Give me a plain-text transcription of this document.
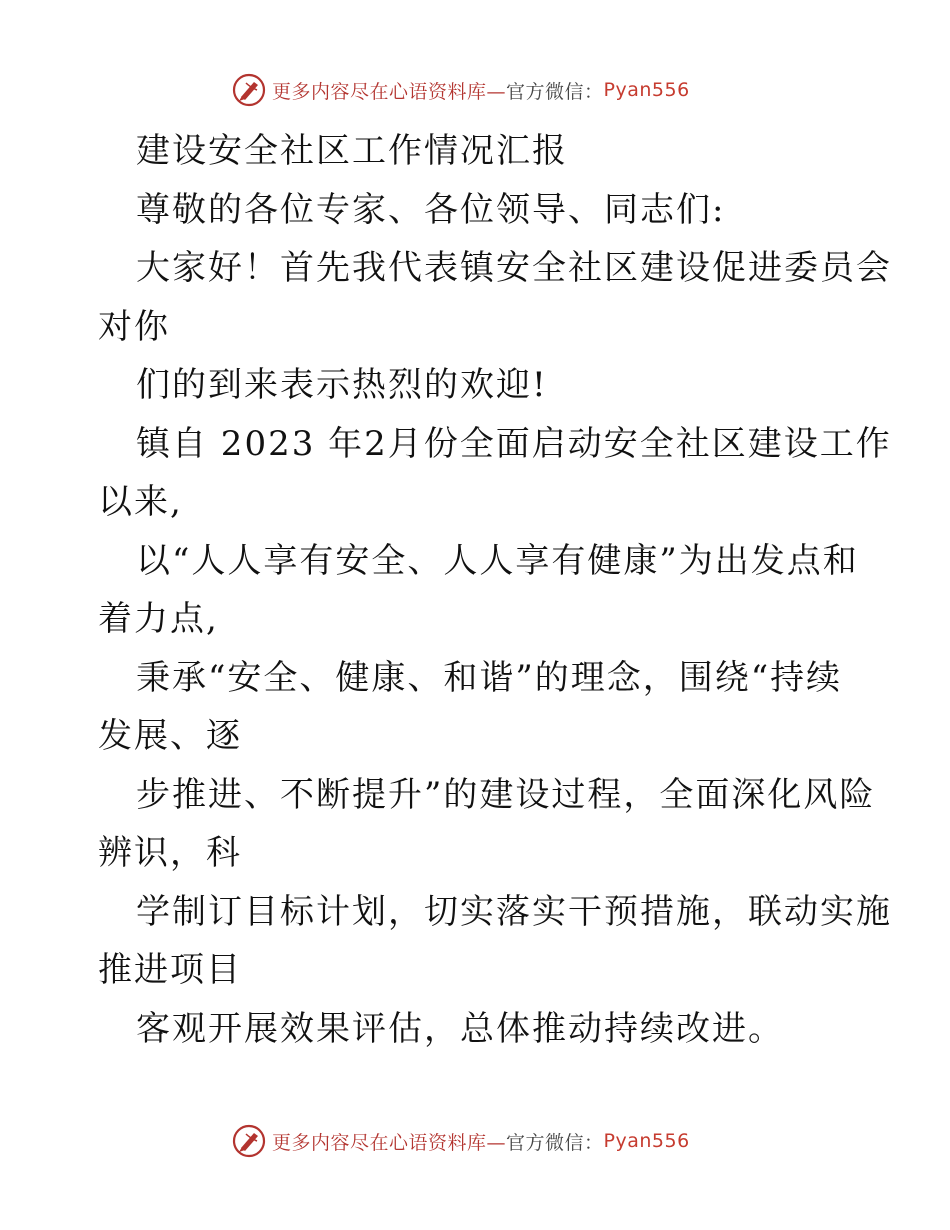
更多内容尽在心语资料库— 官方微信： Pyan556
建设安全社区工作情况汇报
尊敬的各位专家、各位领导、同志们:
大家好！首先我代表镇安全社区建设促进委员会
对你
们的到来表示热烈的欢迎!
镇自 2023 年2月份全面启动安全社区建设工作
以来,
以“人人享有安全、人人享有健康”为出发点和
着力点,
秉承“安全、健康、和谐”的理念，围绕“持续
发展、逐
步推进、不断提升”的建设过程，全面深化风险
辨识，科
学制订目标计划，切实落实干预措施，联动实施
推进项目
客观开展效果评估，总体推动持续改进。
更多内容尽在心语资料库— 官方微信： Pyan556
